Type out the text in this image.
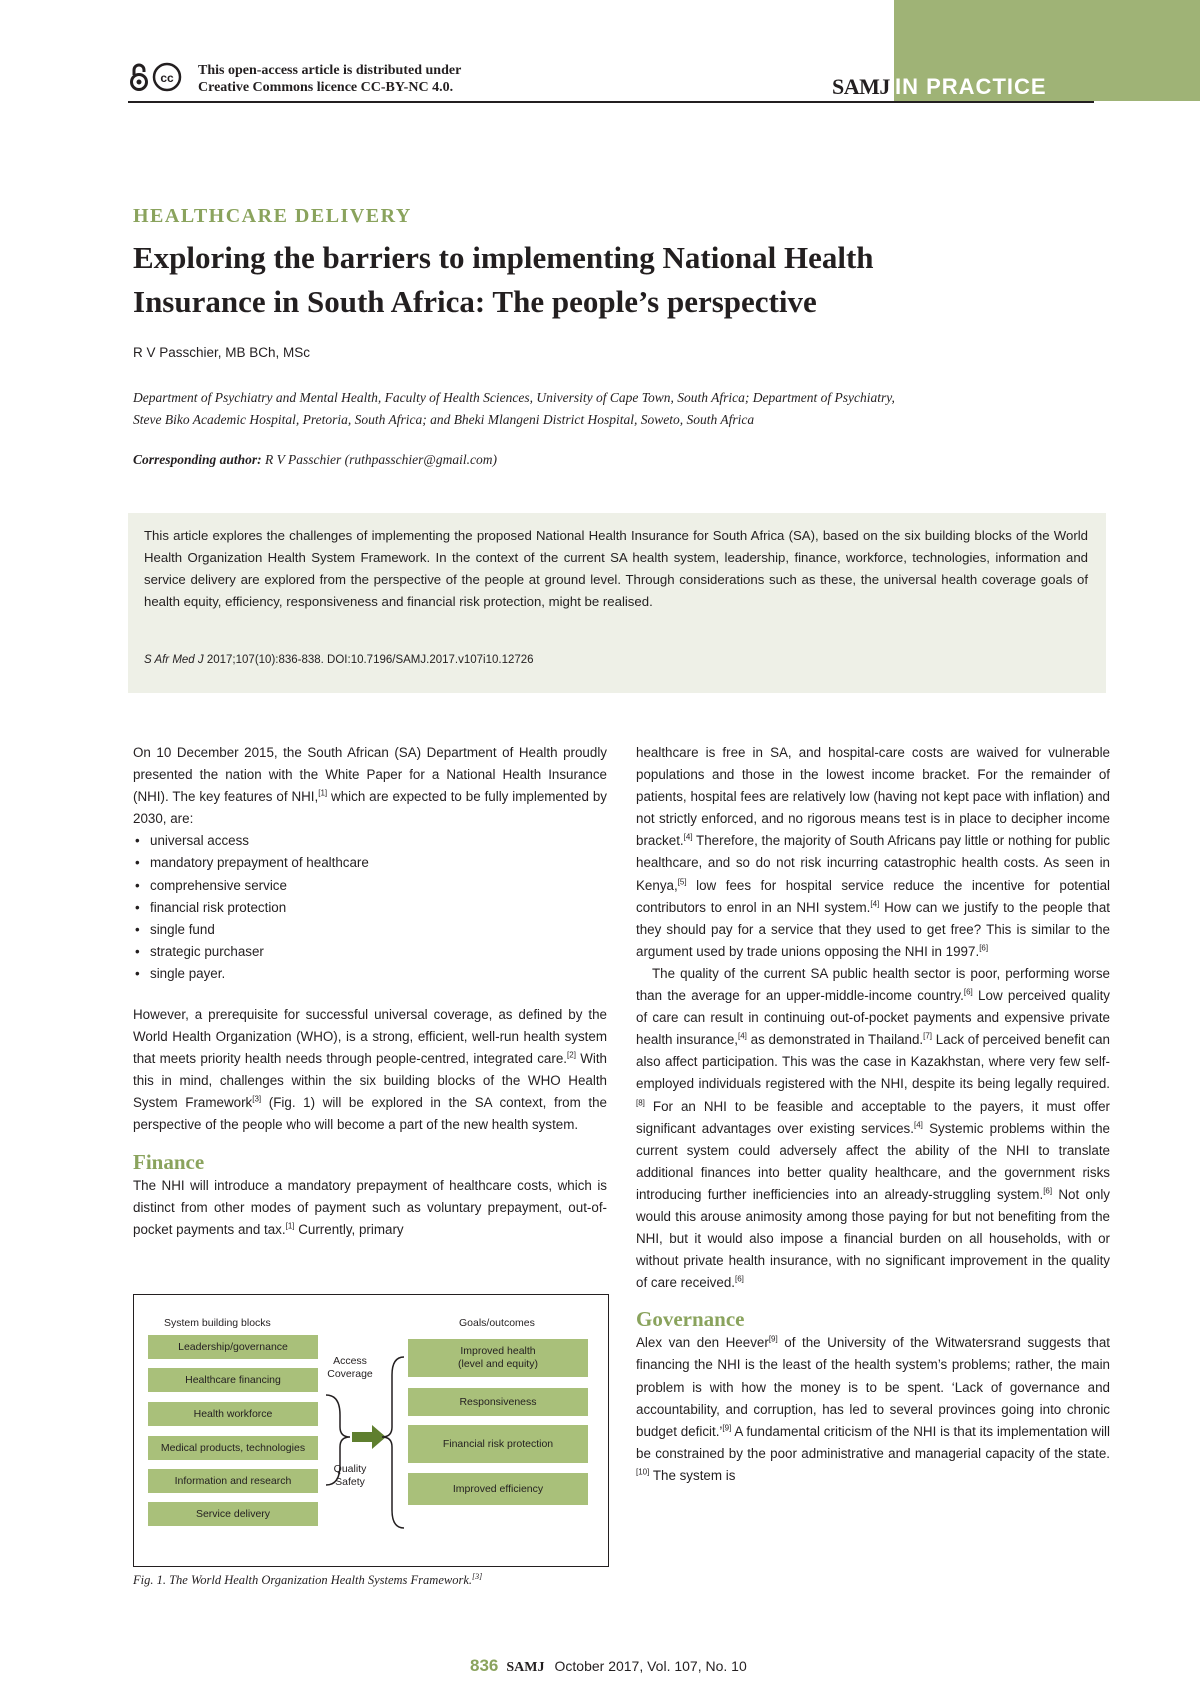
cc This open-access article is distributed under
Creative Commons licence CC-BY-NC 4.0.	SAMJ IN PRACTICE
HEALTHCARE DELIVERY
Exploring the barriers to implementing National Health
Insurance in South Africa: The people’s perspective
R V Passchier, MB BCh, MSc
Department of Psychiatry and Mental Health, Faculty of Health Sciences, University of Cape Town, South Africa; Department of Psychiatry,
Steve Biko Academic Hospital, Pretoria, South Africa; and Bheki Mlangeni District Hospital, Soweto, South Africa
Corresponding author: R V Passchier (ruthpasschier@gmail.com)

This article explores the challenges of implementing the proposed National Health Insurance for South Africa (SA), based on the six building blocks of the World Health Organization Health System Framework. In the context of the current SA health system, leadership, finance, workforce, technologies, information and service delivery are explored from the perspective of the people at ground level. Through considerations such as these, the universal health coverage goals of health equity, efficiency, responsiveness and financial risk protection, might be realised.

S Afr Med J 2017;107(10):836-838. DOI:10.7196/SAMJ.2017.v107i10.12726

On 10 December 2015, the South African (SA) Department of Health proudly presented the nation with the White Paper for a National Health Insurance (NHI). The key features of NHI,[1] which are expected to be fully implemented by 2030, are:

• universal access
• mandatory prepayment of healthcare
• comprehensive service
• financial risk protection
• single fund
• strategic purchaser
• single payer.

However, a prerequisite for successful universal coverage, as defined by the World Health Organization (WHO), is a strong, efficient, well-run health system that meets priority health needs through people-centred, integrated care.[2] With this in mind, challenges within the six building blocks of the WHO Health System Framework[3] (Fig. 1) will be explored in the SA context, from the perspective of the people who will become a part of the new health system.

Finance

The NHI will introduce a mandatory prepayment of healthcare costs, which is distinct from other modes of payment such as voluntary prepayment, out-of-pocket payments and tax.[1] Currently, primary

System building blocks	Goals/outcomes
Leadership/governance
Healthcare financing
Health workforce
Medical products, technologies
Information and research
Service delivery
Access
Coverage
Quality
Safety
Improved health
(level and equity)
Responsiveness
Financial risk protection
Improved efficiency
Fig. 1. The World Health Organization Health Systems Framework.[3]

healthcare is free in SA, and hospital-care costs are waived for vulnerable populations and those in the lowest income bracket. For the remainder of patients, hospital fees are relatively low (having not kept pace with inflation) and not strictly enforced, and no rigorous means test is in place to decipher income bracket.[4] Therefore, the majority of South Africans pay little or nothing for public healthcare, and so do not risk incurring catastrophic health costs. As seen in Kenya,[5] low fees for hospital service reduce the incentive for potential contributors to enrol in an NHI system.[4] How can we justify to the people that they should pay for a service that they used to get free? This is similar to the argument used by trade unions opposing the NHI in 1997.[6]

The quality of the current SA public health sector is poor, performing worse than the average for an upper-middle-income country.[6] Low perceived quality of care can result in continuing out-of-pocket payments and expensive private health insurance,[4] as demonstrated in Thailand.[7] Lack of perceived benefit can also affect participation. This was the case in Kazakhstan, where very few self-employed individuals registered with the NHI, despite its being legally required.[8] For an NHI to be feasible and acceptable to the payers, it must offer significant advantages over existing services.[4] Systemic problems within the current system could adversely affect the ability of the NHI to translate additional finances into better quality healthcare, and the government risks introducing further inefficiencies into an already-struggling system.[6] Not only would this arouse animosity among those paying for but not benefiting from the NHI, but it would also impose a financial burden on all households, with or without private health insurance, with no significant improvement in the quality of care received.[6]

Governance

Alex van den Heever[9] of the University of the Witwatersrand suggests that financing the NHI is the least of the health system’s problems; rather, the main problem is with how the money is to be spent. ‘Lack of governance and accountability, and corruption, has led to several provinces going into chronic budget deficit.’[9] A fundamental criticism of the NHI is that its implementation will be constrained by the poor administrative and managerial capacity of the state.[10] The system is

836 SAMJ October 2017, Vol. 107, No. 10
